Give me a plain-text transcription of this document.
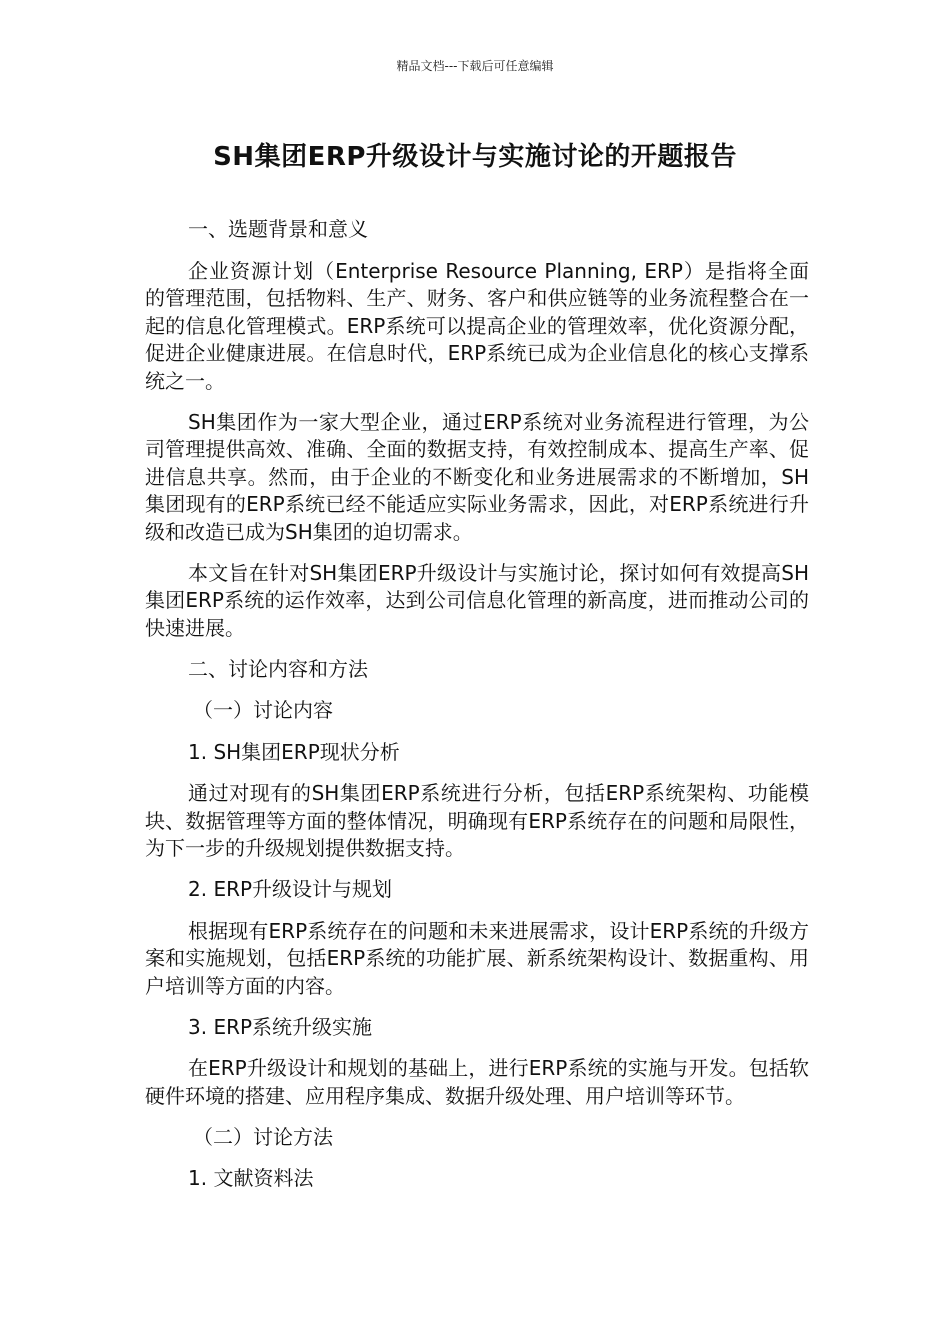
精品文档---下载后可任意编辑
SH集团ERP升级设计与实施讨论的开题报告

一、选题背景和意义

企业资源计划（Enterprise Resource Planning, ERP）是指将全面的管理范围，包括物料、生产、财务、客户和供应链等的业务流程整合在一起的信息化管理模式。ERP系统可以提高企业的管理效率，优化资源分配，促进企业健康进展。在信息时代，ERP系统已成为企业信息化的核心支撑系统之一。

SH集团作为一家大型企业，通过ERP系统对业务流程进行管理，为公司管理提供高效、准确、全面的数据支持，有效控制成本、提高生产率、促进信息共享。然而，由于企业的不断变化和业务进展需求的不断增加，SH集团现有的ERP系统已经不能适应实际业务需求，因此，对ERP系统进行升级和改造已成为SH集团的迫切需求。

本文旨在针对SH集团ERP升级设计与实施讨论，探讨如何有效提高SH集团ERP系统的运作效率，达到公司信息化管理的新高度，进而推动公司的快速进展。

二、讨论内容和方法

（一）讨论内容

1. SH集团ERP现状分析

通过对现有的SH集团ERP系统进行分析，包括ERP系统架构、功能模块、数据管理等方面的整体情况，明确现有ERP系统存在的问题和局限性，为下一步的升级规划提供数据支持。

2. ERP升级设计与规划

根据现有ERP系统存在的问题和未来进展需求，设计ERP系统的升级方案和实施规划，包括ERP系统的功能扩展、新系统架构设计、数据重构、用户培训等方面的内容。

3. ERP系统升级实施

在ERP升级设计和规划的基础上，进行ERP系统的实施与开发。包括软硬件环境的搭建、应用程序集成、数据升级处理、用户培训等环节。

（二）讨论方法

1. 文献资料法
